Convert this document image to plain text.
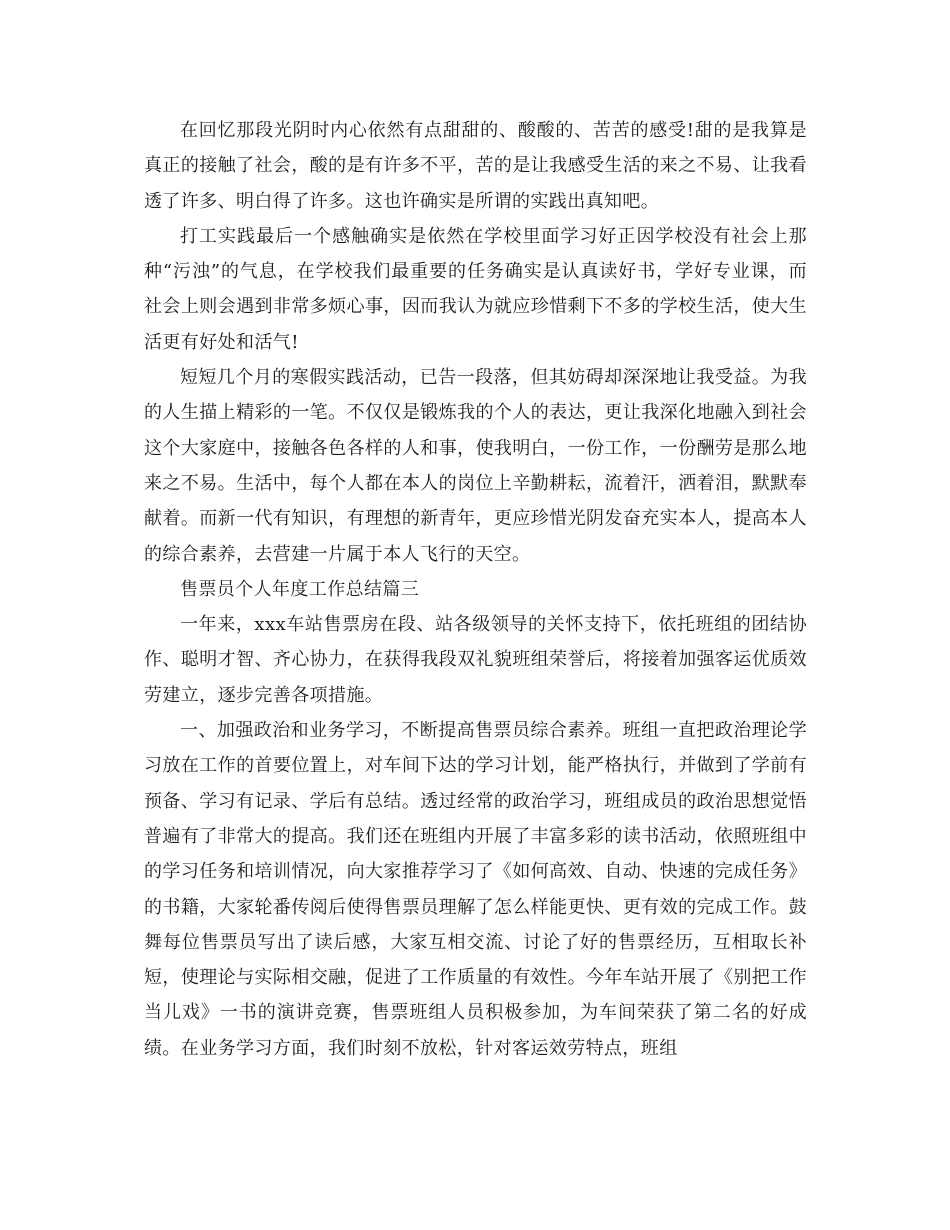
在回忆那段光阴时内心依然有点甜甜的、酸酸的、苦苦的感受!甜的是我算是真正的接触了社会，酸的是有许多不平，苦的是让我感受生活的来之不易、让我看透了许多、明白得了许多。这也许确实是所谓的实践出真知吧。

打工实践最后一个感触确实是依然在学校里面学习好正因学校没有社会上那种“污浊”的气息，在学校我们最重要的任务确实是认真读好书，学好专业课，而社会上则会遇到非常多烦心事，因而我认为就应珍惜剩下不多的学校生活，使大生活更有好处和活气!

短短几个月的寒假实践活动，已告一段落，但其妨碍却深深地让我受益。为我的人生描上精彩的一笔。不仅仅是锻炼我的个人的表达，更让我深化地融入到社会这个大家庭中，接触各色各样的人和事，使我明白，一份工作，一份酬劳是那么地来之不易。生活中，每个人都在本人的岗位上辛勤耕耘，流着汗，洒着泪，默默奉献着。而新一代有知识，有理想的新青年，更应珍惜光阴发奋充实本人，提高本人的综合素养，去营建一片属于本人飞行的天空。

售票员个人年度工作总结篇三

一年来，xxx车站售票房在段、站各级领导的关怀支持下，依托班组的团结协作、聪明才智、齐心协力，在获得我段双礼貌班组荣誉后，将接着加强客运优质效劳建立，逐步完善各项措施。

一、加强政治和业务学习，不断提高售票员综合素养。班组一直把政治理论学习放在工作的首要位置上，对车间下达的学习计划，能严格执行，并做到了学前有预备、学习有记录、学后有总结。透过经常的政治学习，班组成员的政治思想觉悟普遍有了非常大的提高。我们还在班组内开展了丰富多彩的读书活动，依照班组中的学习任务和培训情况，向大家推荐学习了《如何高效、自动、快速的完成任务》的书籍，大家轮番传阅后使得售票员理解了怎么样能更快、更有效的完成工作。鼓舞每位售票员写出了读后感，大家互相交流、讨论了好的售票经历，互相取长补短，使理论与实际相交融，促进了工作质量的有效性。今年车站开展了《别把工作当儿戏》一书的演讲竞赛，售票班组人员积极参加，为车间荣获了第二名的好成绩。在业务学习方面，我们时刻不放松，针对客运效劳特点，班组
